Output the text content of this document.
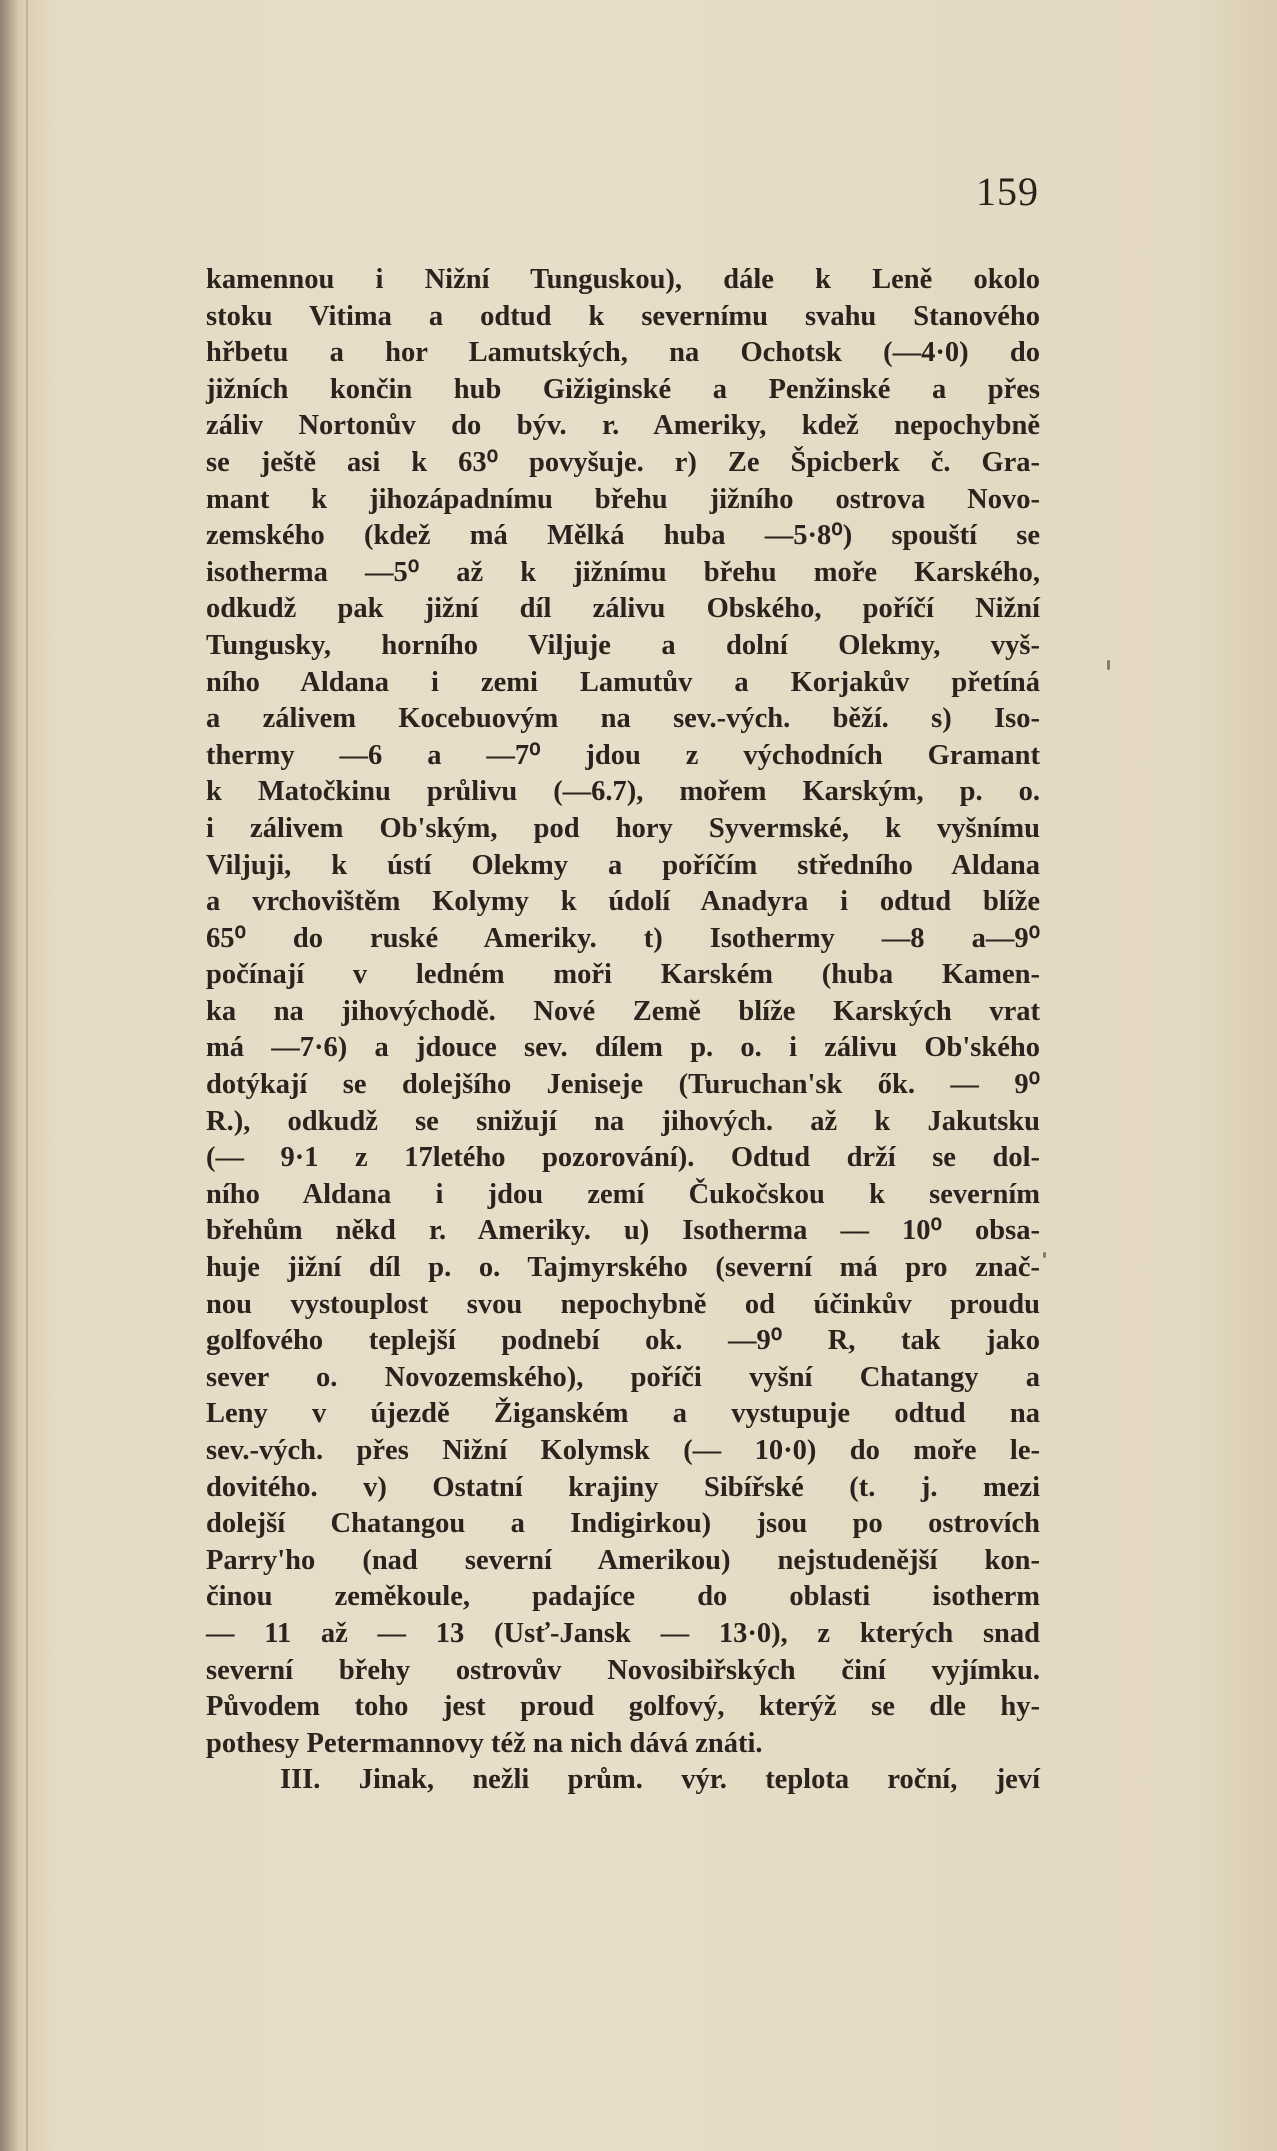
159
kamennou i Nižní Tunguskou), dále k Leně okolo
stoku Vitima a odtud k severnímu svahu Stanového
hřbetu a hor Lamutských, na Ochotsk (—4·0) do
jižních končin hub Gižiginské a Penžinské a přes
záliv Nortonův do býv. r. Ameriky, kdež nepochybně
se ještě asi k 63⁰ povyšuje. r) Ze Špicberk č. Gra-
mant k jihozápadnímu břehu jižního ostrova Novo-
zemského (kdež má Mělká huba —5·8⁰) spouští se
isotherma —5⁰ až k jižnímu břehu moře Karského,
odkudž pak jižní díl zálivu Obského, poříčí Nižní
Tungusky, horního Viljuje a dolní Olekmy, vyš-
ního Aldana i zemi Lamutův a Korjakův přetíná
a zálivem Kocebuovým na sev.-vých. běží. s) Iso-
thermy —6 a —7⁰ jdou z východních Gramant
k Matočkinu průlivu (—6.7), mořem Karským, p. o.
i zálivem Ob'ským, pod hory Syvermské, k vyšnímu
Viljuji, k ústí Olekmy a poříčím středního Aldana
a vrchovištěm Kolymy k údolí Anadyra i odtud blíže
65⁰ do ruské Ameriky. t) Isothermy —8 a—9⁰
počínají v ledném moři Karském (huba Kamen-
ka na jihovýchodě. Nové Země blíže Karských vrat
má —7·6) a jdouce sev. dílem p. o. i zálivu Ob'ského
dotýkají se dolejšího Jeniseje (Turuchan'sk ők. — 9⁰
R.), odkudž se snižují na jihových. až k Jakutsku
(— 9·1 z 17letého pozorování). Odtud drží se dol-
ního Aldana i jdou zemí Čukočskou k severním
břehům někd r. Ameriky. u) Isotherma — 10⁰ obsa-
huje jižní díl p. o. Tajmyrského (severní má pro znač-
nou vystouplost svou nepochybně od účinkův proudu
golfového teplejší podnebí ok. —9⁰ R, tak jako
sever o. Novozemského), poříči vyšní Chatangy a
Leny v újezdě Žiganském a vystupuje odtud na
sev.-vých. přes Nižní Kolymsk (— 10·0) do moře le-
dovitého. v) Ostatní krajiny Sibířské (t. j. mezi
dolejší Chatangou a Indigirkou) jsou po ostrovích
Parry'ho (nad severní Amerikou) nejstudenější kon-
činou zeměkoule, padajíce do oblasti isotherm
— 11 až — 13 (Usť-Jansk — 13·0), z kterých snad
severní břehy ostrovův Novosibiřských činí vyjímku.
Původem toho jest proud golfový, kterýž se dle hy-
pothesy Petermannovy též na nich dává znáti.
III. Jinak, nežli prům. výr. teplota roční, jeví
